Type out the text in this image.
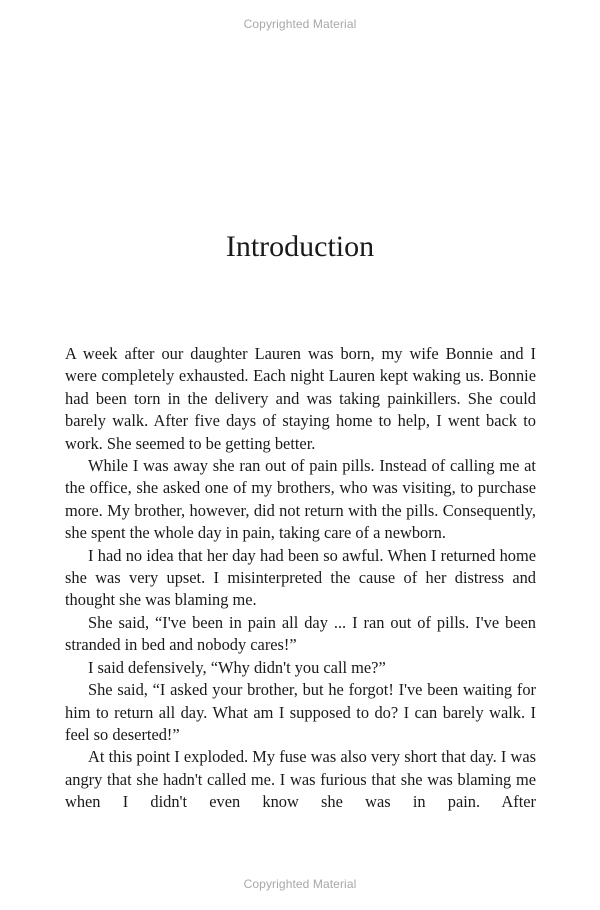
Copyrighted Material
Introduction

A week after our daughter Lauren was born, my wife Bonnie and I were completely exhausted. Each night Lauren kept waking us. Bonnie had been torn in the delivery and was taking painkillers. She could barely walk. After five days of staying home to help, I went back to work. She seemed to be getting better.

While I was away she ran out of pain pills. Instead of calling me at the office, she asked one of my brothers, who was visiting, to purchase more. My brother, however, did not return with the pills. Consequently, she spent the whole day in pain, taking care of a newborn.

I had no idea that her day had been so awful. When I returned home she was very upset. I misinterpreted the cause of her distress and thought she was blaming me.

She said, “I've been in pain all day ... I ran out of pills. I've been stranded in bed and nobody cares!”

I said defensively, “Why didn't you call me?”

She said, “I asked your brother, but he forgot! I've been waiting for him to return all day. What am I supposed to do? I can barely walk. I feel so deserted!”

At this point I exploded. My fuse was also very short that day. I was angry that she hadn't called me. I was furious that she was blaming me when I didn't even know she was in pain. After

Copyrighted Material
